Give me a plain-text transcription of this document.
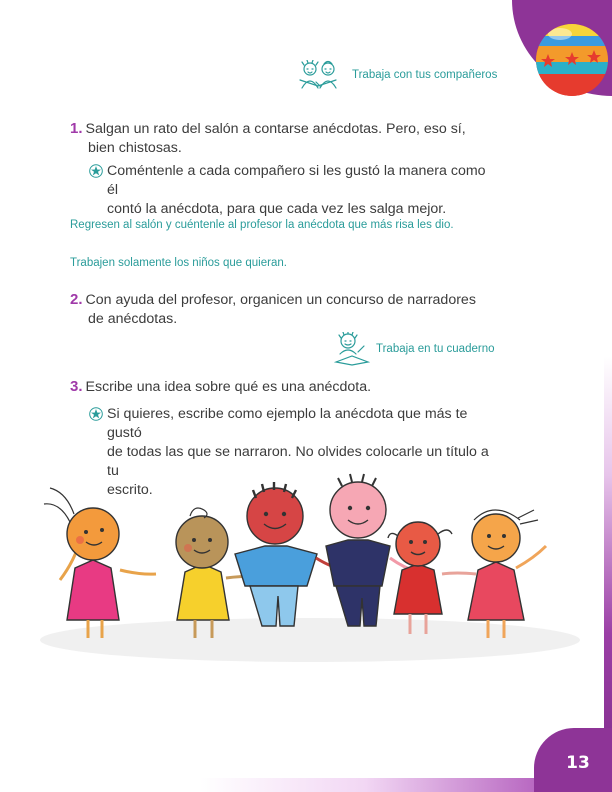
Trabaja con tus compañeros
1. Salgan un rato del salón a contarse anécdotas. Pero, eso sí,
bien chistosas.
Coméntenle a cada compañero si les gustó la manera como él
contó la anécdota, para que cada vez les salga mejor.
Regresen al salón y cuéntenle al profesor la anécdota que más risa les dio.
Trabajen solamente los niños que quieran.
2. Con ayuda del profesor, organicen un concurso de narradores
de anécdotas.
Trabaja en tu cuaderno
3. Escribe una idea sobre qué es una anécdota.
Si quieres, escribe como ejemplo la anécdota que más te gustó
de todas las que se narraron. No olvides colocarle un título a tu
escrito.
13
